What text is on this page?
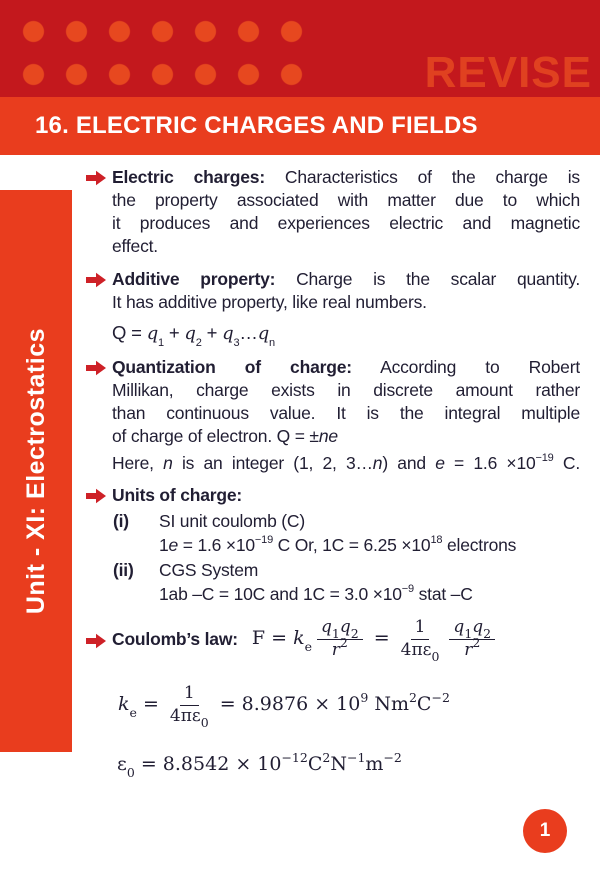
REVISE
16. ELECTRIC CHARGES AND FIELDS
Unit - XI: Electrostatics
Electric charges: Characteristics of the charge is
the property associated with matter due to which
it produces and experiences electric and magnetic
effect.
Additive property: Charge is the scalar quantity.
It has additive property, like real numbers.
$Q = q_1 + q_2$ + $q_3\dots q_n$
Quantization of charge: According to Robert
Millikan, charge exists in discrete amount rather
than continuous value. It is the integral multiple
of charge of electron. Q = ±ne
Here, n is an integer (1, 2, 3…n) and $e = 1.6 \times 10^{-19}$ C.
Units of charge:
(i)	SI unit coulomb (C)
$1e = 1.6 \times 10^{-19}$ C Or, $1C = 6.25 \times 10^{18}$ electrons
(ii)	CGS System
1ab –C = 10C and $1C = 3.0 \times 10^{-9}$ stat –C
Coulomb’s law: $F = k_e \frac{q_1q_2}{r^2} = \frac{1}{4\pi\varepsilon_0} \frac{q_1q_2}{r^2}$
$k_e = \frac{1}{4\pi\varepsilon_0} = 8.9876 \times 10^9$ $Nm^2C^{-2}$
$\varepsilon_0 = 8.8542 \times 10^{-12}C^2N^{-1}m^{-2}$
1
